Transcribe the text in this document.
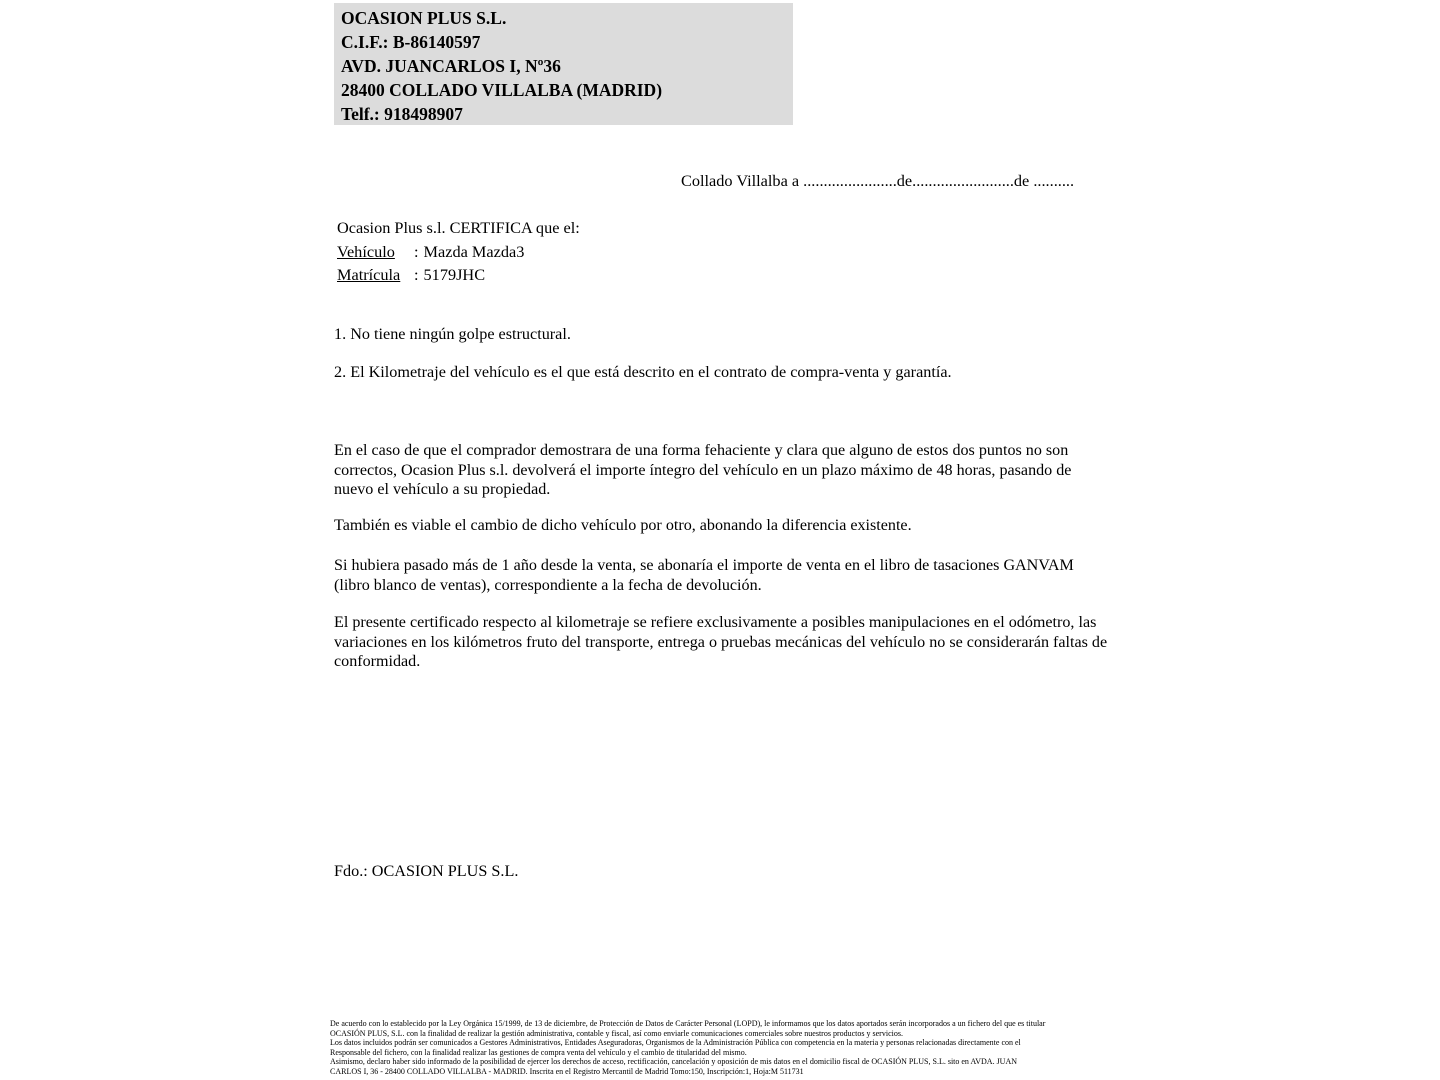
OCASION PLUS S.L.
C.I.F.: B-86140597
AVD. JUANCARLOS I, Nº36
28400 COLLADO VILLALBA (MADRID)
Telf.: 918498907
Collado Villalba a .......................de.........................de ..........
Ocasion Plus s.l. CERTIFICA que el:
Vehículo : Mazda Mazda3
Matrícula : 5179JHC
1. No tiene ningún golpe estructural.
2. El Kilometraje del vehículo es el que está descrito en el contrato de compra-venta y garantía.
En el caso de que el comprador demostrara de una forma fehaciente y clara que alguno de estos dos puntos no son correctos, Ocasion Plus s.l. devolverá el importe íntegro del vehículo en un plazo máximo de 48 horas, pasando de nuevo el vehículo a su propiedad.
También es viable el cambio de dicho vehículo por otro, abonando la diferencia existente.
Si hubiera pasado más de 1 año desde la venta, se abonaría el importe de venta en el libro de tasaciones GANVAM (libro blanco de ventas), correspondiente a la fecha de devolución.
El presente certificado respecto al kilometraje se refiere exclusivamente a posibles manipulaciones en el odómetro, las variaciones en los kilómetros fruto del transporte, entrega o pruebas mecánicas del vehículo no se considerarán faltas de conformidad.
Fdo.: OCASION PLUS S.L.
De acuerdo con lo establecido por la Ley Orgánica 15/1999, de 13 de diciembre, de Protección de Datos de Carácter Personal (LOPD), le informamos que los datos aportados serán incorporados a un fichero del que es titular
OCASIÓN PLUS, S.L. con la finalidad de realizar la gestión administrativa, contable y fiscal, así como enviarle comunicaciones comerciales sobre nuestros productos y servicios.
Los datos incluidos podrán ser comunicados a Gestores Administrativos, Entidades Aseguradoras, Organismos de la Administración Pública con competencia en la materia y personas relacionadas directamente con el
Responsable del fichero, con la finalidad realizar las gestiones de compra venta del vehículo y el cambio de titularidad del mismo.
Asimismo, declaro haber sido informado de la posibilidad de ejercer los derechos de acceso, rectificación, cancelación y oposición de mis datos en el domicilio fiscal de OCASIÓN PLUS, S.L. sito en AVDA. JUAN
CARLOS I, 36 - 28400 COLLADO VILLALBA - MADRID. Inscrita en el Registro Mercantil de Madrid Tomo:150, Inscripción:1, Hoja:M 511731
